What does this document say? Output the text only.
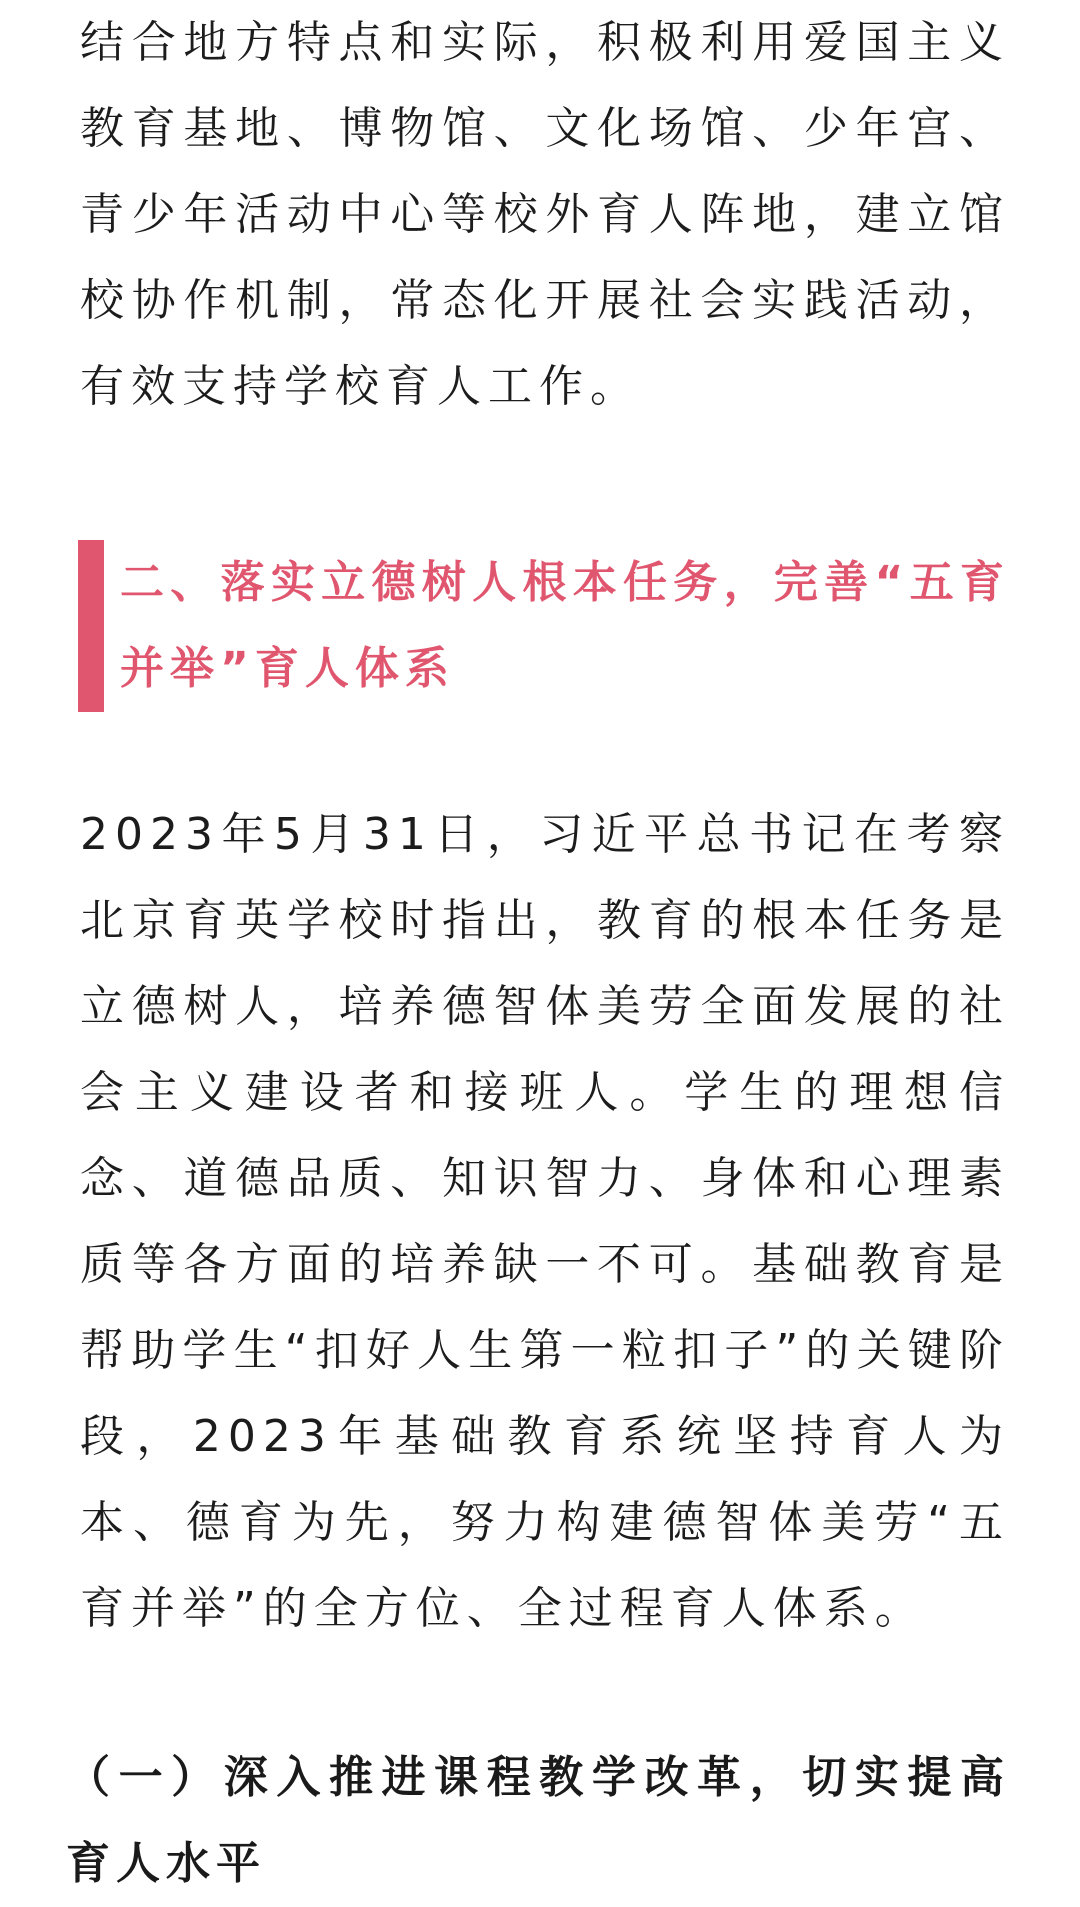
结合地方特点和实际，积极利用爱国主义教育基地、博物馆、文化场馆、少年宫、青少年活动中心等校外育人阵地，建立馆校协作机制，常态化开展社会实践活动，有效支持学校育人工作。

二、落实立德树人根本任务，完善“五育并举”育人体系

2023年5月31日，习近平总书记在考察北京育英学校时指出，教育的根本任务是立德树人，培养德智体美劳全面发展的社会主义建设者和接班人。学生的理想信念、道德品质、知识智力、身体和心理素质等各方面的培养缺一不可。基础教育是帮助学生“扣好人生第一粒扣子”的关键阶段，2023年基础教育系统坚持育人为本、德育为先，努力构建德智体美劳“五育并举”的全方位、全过程育人体系。

（一）深入推进课程教学改革，切实提高育人水平
